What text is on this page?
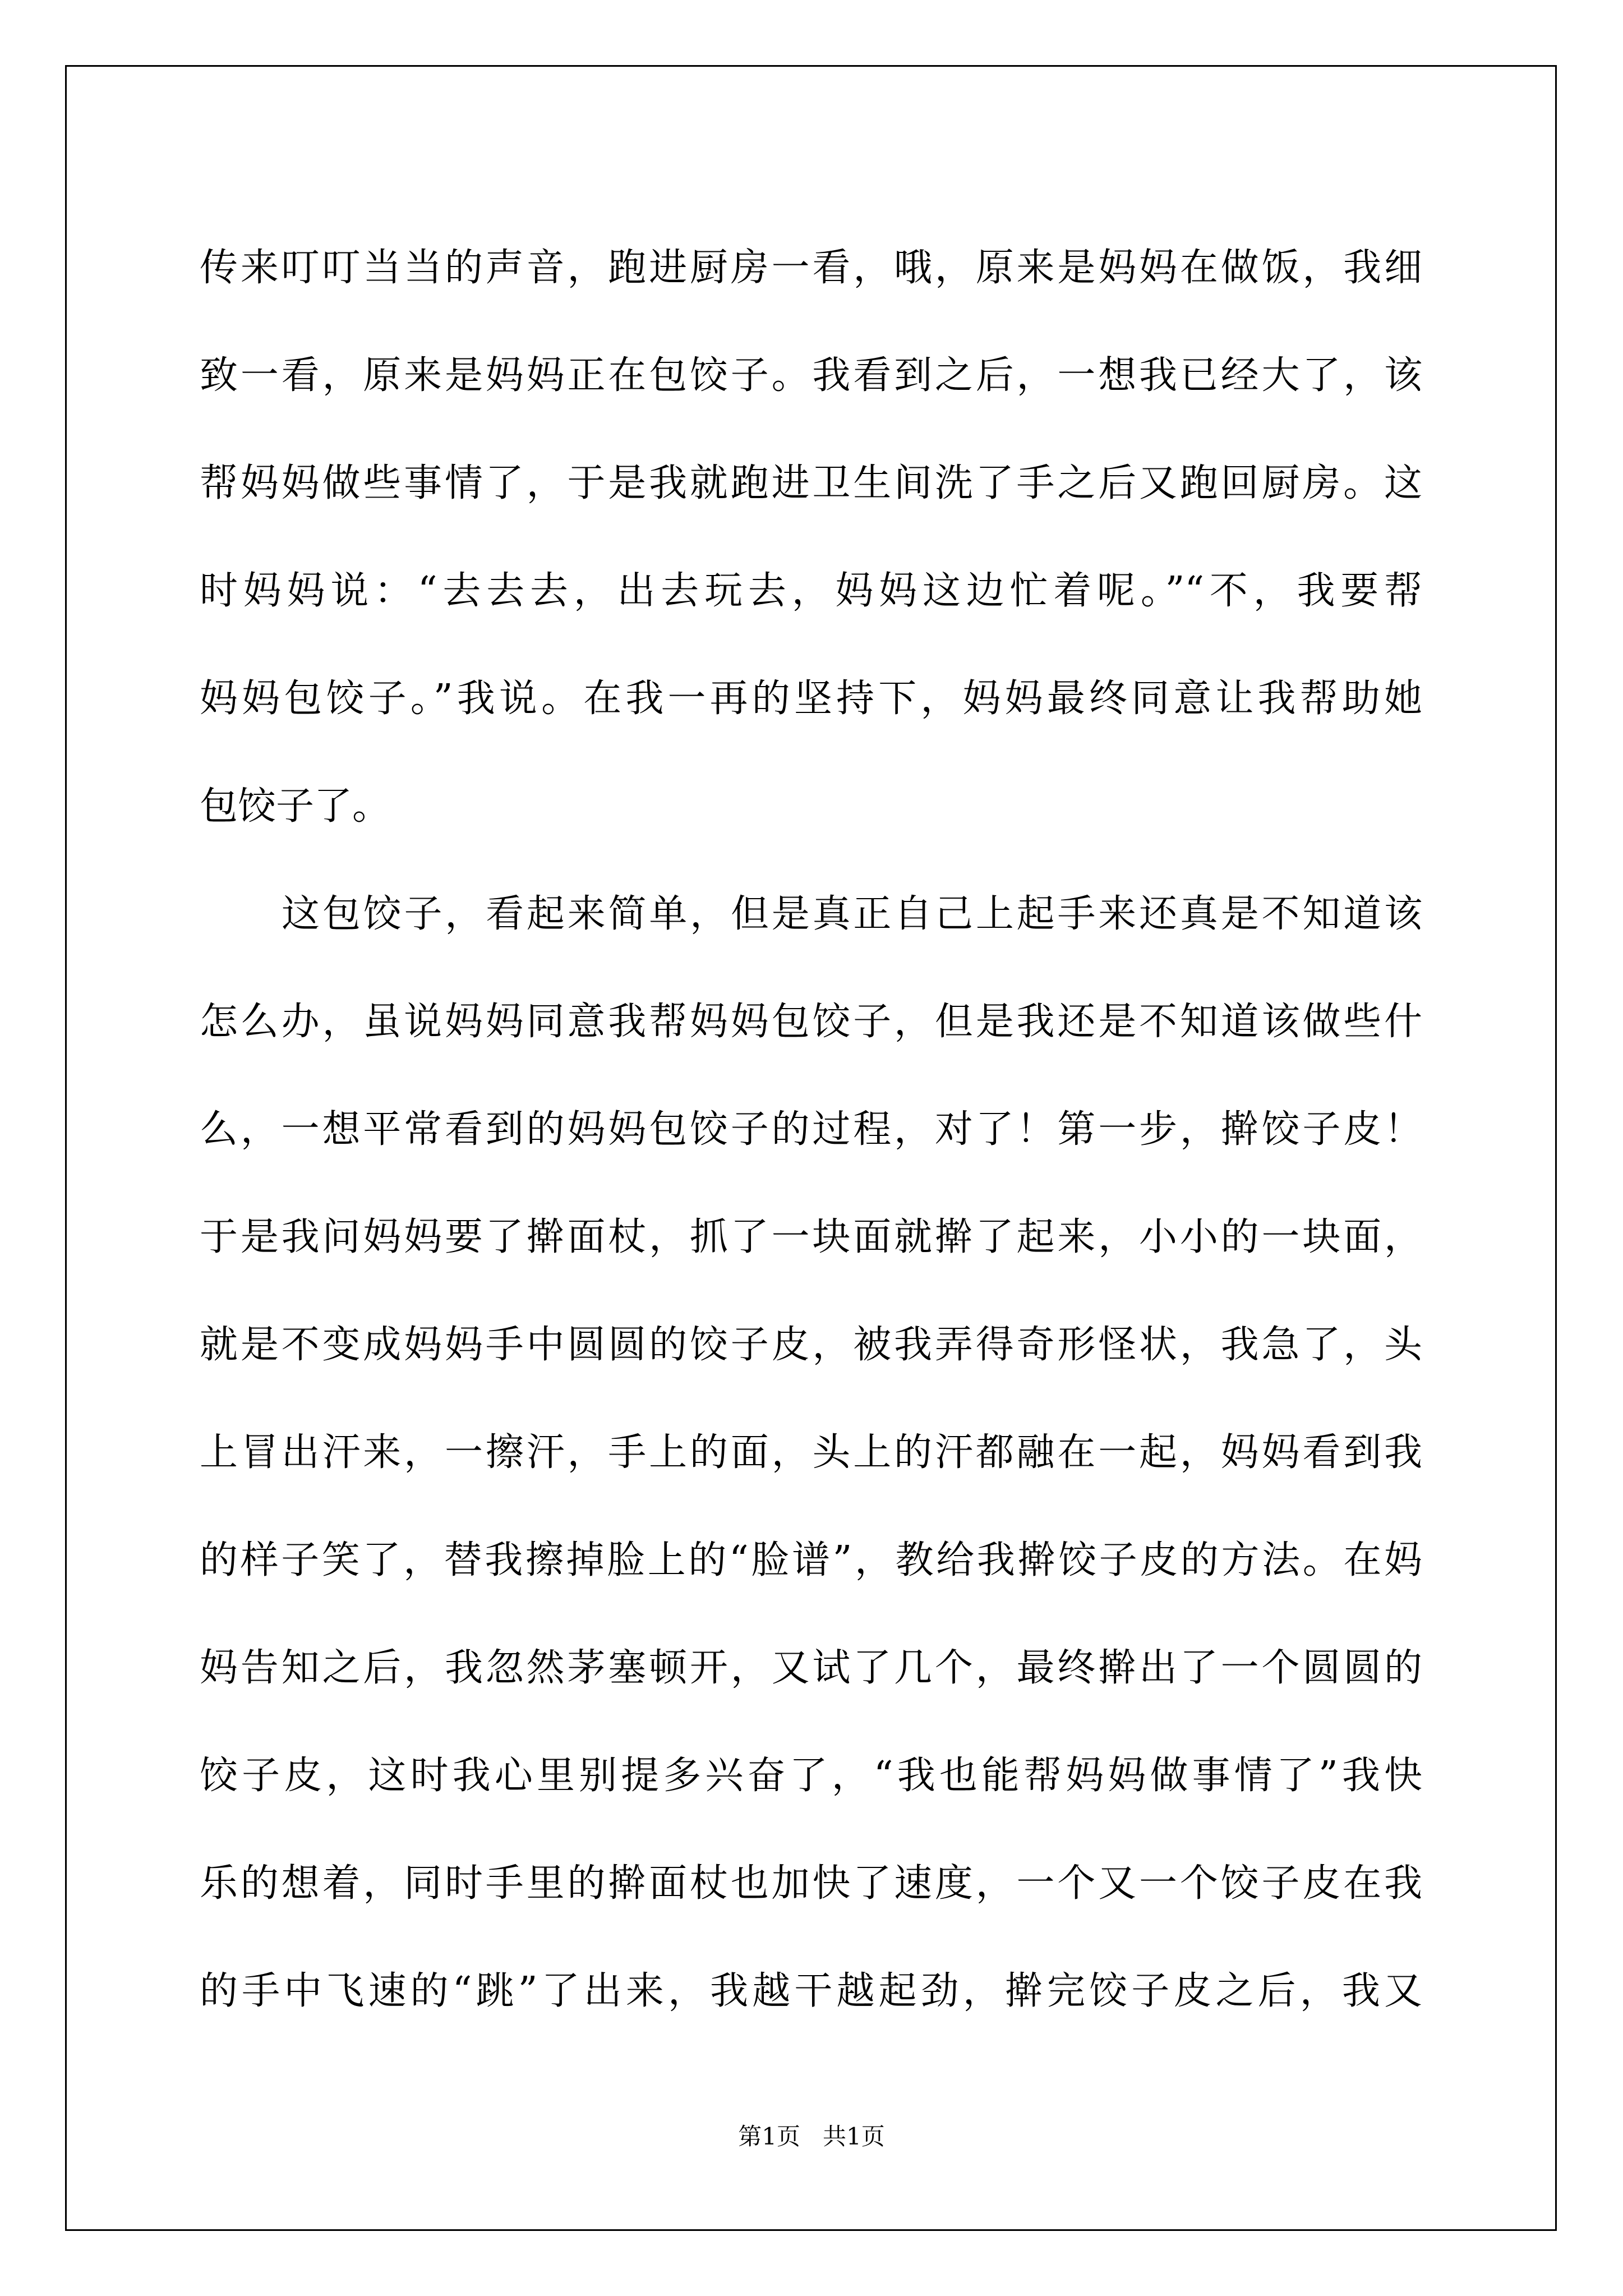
传来叮叮当当的声音，跑进厨房一看，哦，原来是妈妈在做饭，我细
致一看，原来是妈妈正在包饺子。我看到之后，一想我已经大了，该
帮妈妈做些事情了，于是我就跑进卫生间洗了手之后又跑回厨房。这
时妈妈说：“去去去，出去玩去，妈妈这边忙着呢。”“不，我要帮
妈妈包饺子。”我说。在我一再的坚持下，妈妈最终同意让我帮助她
包饺子了。
这包饺子，看起来简单，但是真正自己上起手来还真是不知道该
怎么办，虽说妈妈同意我帮妈妈包饺子，但是我还是不知道该做些什
么，一想平常看到的妈妈包饺子的过程，对了！第一步，擀饺子皮！
于是我问妈妈要了擀面杖，抓了一块面就擀了起来，小小的一块面，
就是不变成妈妈手中圆圆的饺子皮，被我弄得奇形怪状，我急了，头
上冒出汗来，一擦汗，手上的面，头上的汗都融在一起，妈妈看到我
的样子笑了，替我擦掉脸上的“脸谱”，教给我擀饺子皮的方法。在妈
妈告知之后，我忽然茅塞顿开，又试了几个，最终擀出了一个圆圆的
饺子皮，这时我心里别提多兴奋了，“我也能帮妈妈做事情了”我快
乐的想着，同时手里的擀面杖也加快了速度，一个又一个饺子皮在我
的手中飞速的“跳”了出来，我越干越起劲，擀完饺子皮之后，我又
第1页 共1页
